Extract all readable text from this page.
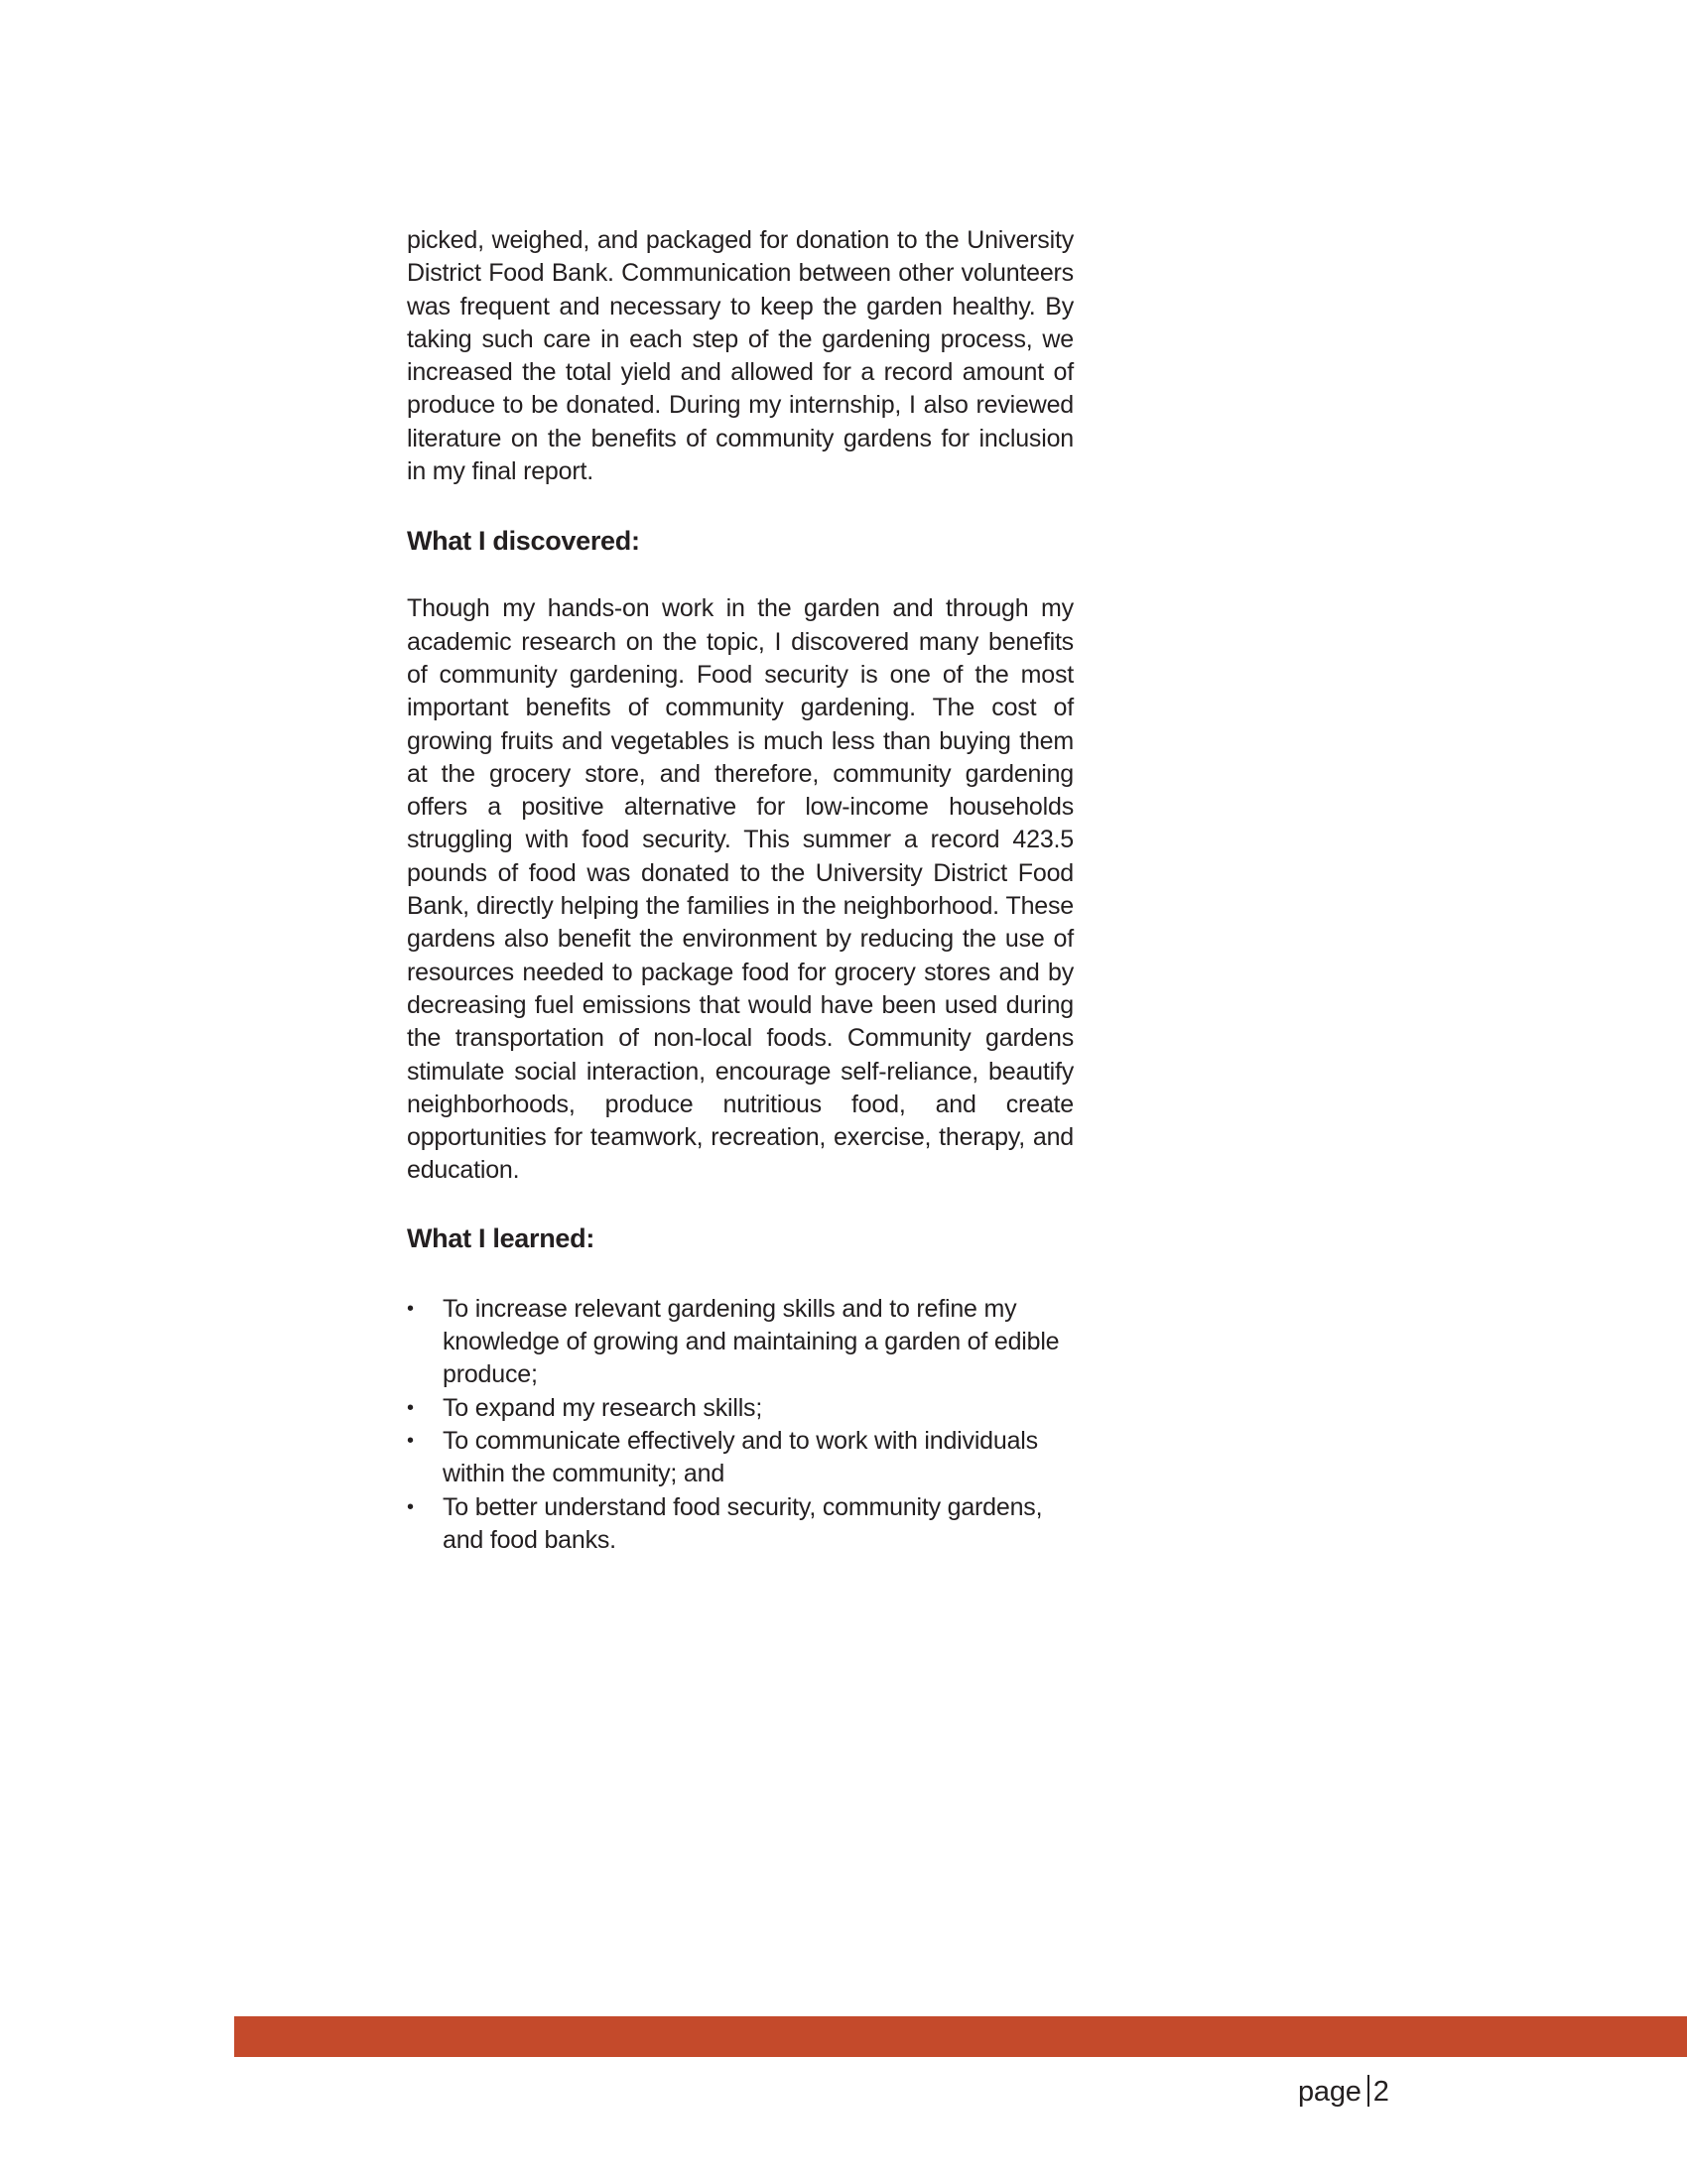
picked, weighed, and packaged for donation to the University District Food Bank. Communication between other volunteers was frequent and necessary to keep the garden healthy. By taking such care in each step of the gardening process, we increased the total yield and allowed for a record amount of produce to be donated. During my internship, I also reviewed literature on the benefits of community gardens for inclusion in my final report.

What I discovered:

Though my hands-on work in the garden and through my academic research on the topic, I discovered many benefits of community gardening. Food security is one of the most important benefits of community gardening. The cost of growing fruits and vegetables is much less than buying them at the grocery store, and therefore, community gardening offers a positive alternative for low-income households struggling with food security. This summer a record 423.5 pounds of food was donated to the University District Food Bank, directly helping the families in the neighborhood. These gardens also benefit the environment by reducing the use of resources needed to package food for grocery stores and by decreasing fuel emissions that would have been used during the transportation of non-local foods. Community gardens stimulate social interaction, encourage self-reliance, beautify neighborhoods, produce nutritious food, and create opportunities for teamwork, recreation, exercise, therapy, and education.

What I learned:
• To increase relevant gardening skills and to refine my knowledge of growing and maintaining a garden of edible produce;
• To expand my research skills;
• To communicate effectively and to work with individuals within the community; and
• To better understand food security, community gardens, and food banks.
page 2
